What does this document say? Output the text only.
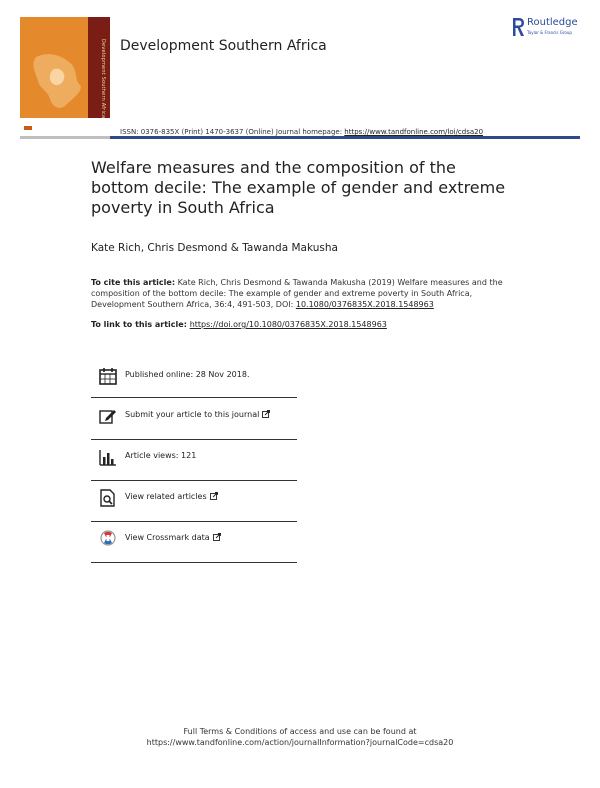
Development Southern Africa Development Southern Africa
Routledge
Taylor & Francis Group
ISSN: 0376-835X (Print) 1470-3637 (Online) Journal homepage: https://www.tandfonline.com/loi/cdsa20
Welfare measures and the composition of the bottom decile: The example of gender and extreme poverty in South Africa
Kate Rich, Chris Desmond & Tawanda Makusha
To cite this article: Kate Rich, Chris Desmond & Tawanda Makusha (2019) Welfare measures and the composition of the bottom decile: The example of gender and extreme poverty in South Africa, Development Southern Africa, 36:4, 491-503, DOI: 10.1080/0376835X.2018.1548963
To link to this article: https://doi.org/10.1080/0376835X.2018.1548963
Published online: 28 Nov 2018.
Submit your article to this journal
Article views: 121
View related articles
View Crossmark data
Full Terms & Conditions of access and use can be found at
https://www.tandfonline.com/action/journalInformation?journalCode=cdsa20
